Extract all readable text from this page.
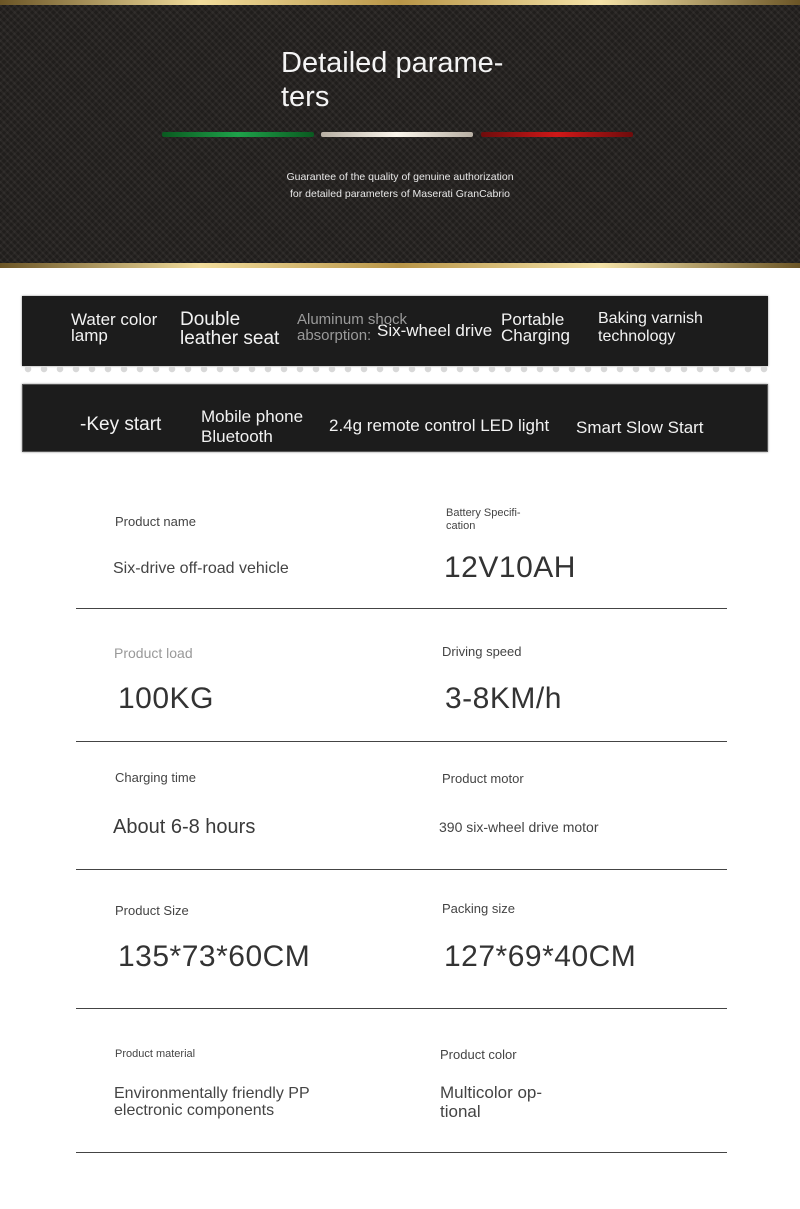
Detailed parame-
ters
Guarantee of the quality of genuine authorization
for detailed parameters of Maserati GranCabrio
Water color
lamp
Double
leather seat
Aluminum shock
absorption: Six-wheel drive
Portable
Charging
Baking varnish
technology
-Key start Mobile phone
Bluetooth
2.4g remote control LED light Smart Slow Start
Product name
Six-drive off-road vehicle
Battery Specifi-
cation
12V10AH
Product load
100KG
Driving speed
3-8KM/h
Charging time
About 6-8 hours
Product motor
390 six-wheel drive motor
Product Size
135*73*60CM
Packing size
127*69*40CM
Product material
Environmentally friendly PP
electronic components
Product color
Multicolor op-
tional
